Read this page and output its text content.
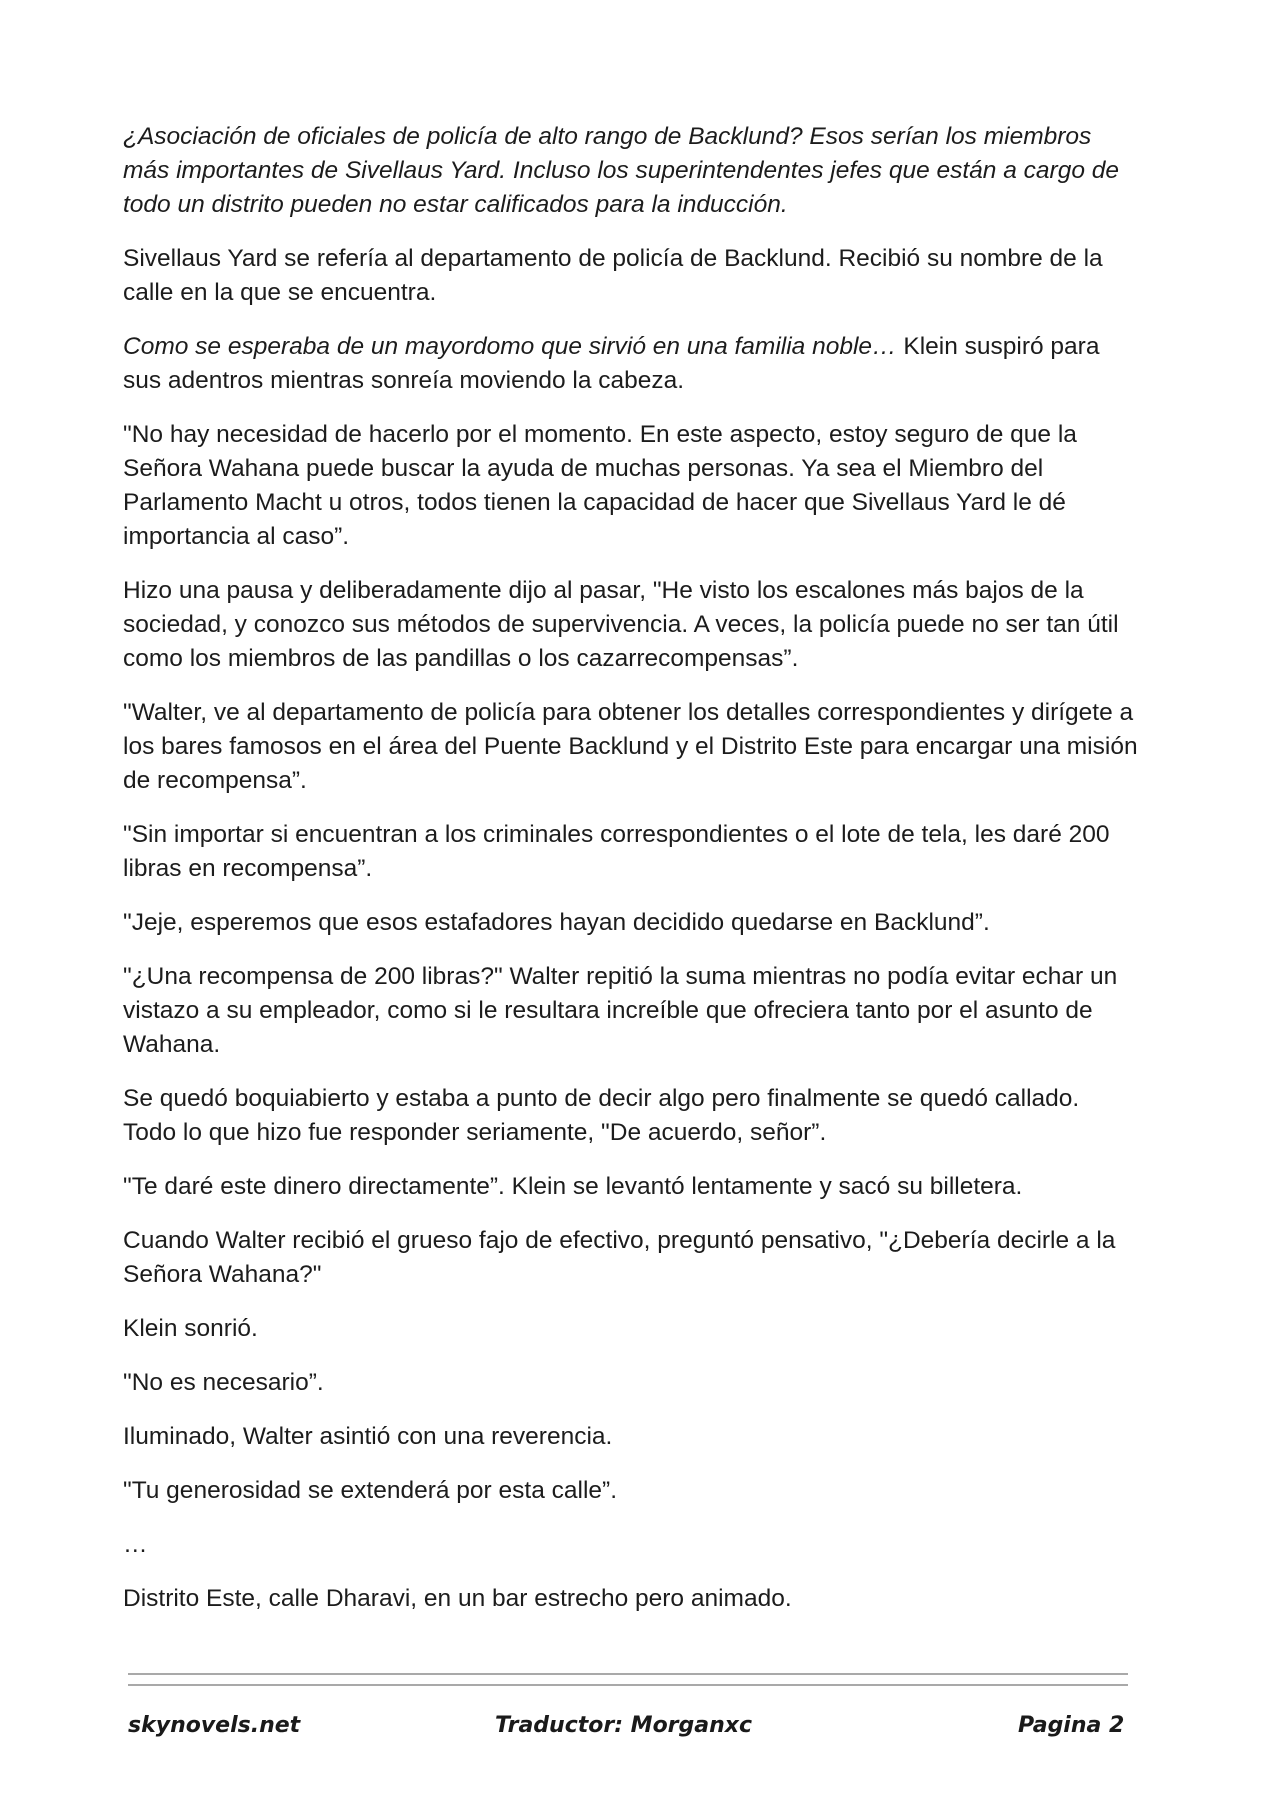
¿Asociación de oficiales de policía de alto rango de Backlund? Esos serían los miembros más importantes de Sivellaus Yard. Incluso los superintendentes jefes que están a cargo de todo un distrito pueden no estar calificados para la inducción.

Sivellaus Yard se refería al departamento de policía de Backlund. Recibió su nombre de la calle en la que se encuentra.

Como se esperaba de un mayordomo que sirvió en una familia noble… Klein suspiró para sus adentros mientras sonreía moviendo la cabeza.

"No hay necesidad de hacerlo por el momento. En este aspecto, estoy seguro de que la Señora Wahana puede buscar la ayuda de muchas personas. Ya sea el Miembro del Parlamento Macht u otros, todos tienen la capacidad de hacer que Sivellaus Yard le dé importancia al caso”.

Hizo una pausa y deliberadamente dijo al pasar, "He visto los escalones más bajos de la sociedad, y conozco sus métodos de supervivencia. A veces, la policía puede no ser tan útil como los miembros de las pandillas o los cazarrecompensas”.

"Walter, ve al departamento de policía para obtener los detalles correspondientes y dirígete a los bares famosos en el área del Puente Backlund y el Distrito Este para encargar una misión de recompensa”.

"Sin importar si encuentran a los criminales correspondientes o el lote de tela, les daré 200 libras en recompensa”.

"Jeje, esperemos que esos estafadores hayan decidido quedarse en Backlund”.

"¿Una recompensa de 200 libras?" Walter repitió la suma mientras no podía evitar echar un vistazo a su empleador, como si le resultara increíble que ofreciera tanto por el asunto de Wahana.

Se quedó boquiabierto y estaba a punto de decir algo pero finalmente se quedó callado. Todo lo que hizo fue responder seriamente, "De acuerdo, señor”.

"Te daré este dinero directamente”. Klein se levantó lentamente y sacó su billetera.

Cuando Walter recibió el grueso fajo de efectivo, preguntó pensativo, "¿Debería decirle a la Señora Wahana?"

Klein sonrió.

"No es necesario”.

Iluminado, Walter asintió con una reverencia.

"Tu generosidad se extenderá por esta calle”.

…

Distrito Este, calle Dharavi, en un bar estrecho pero animado.

skynovels.net	Traductor: Morganxc	Pagina 2
